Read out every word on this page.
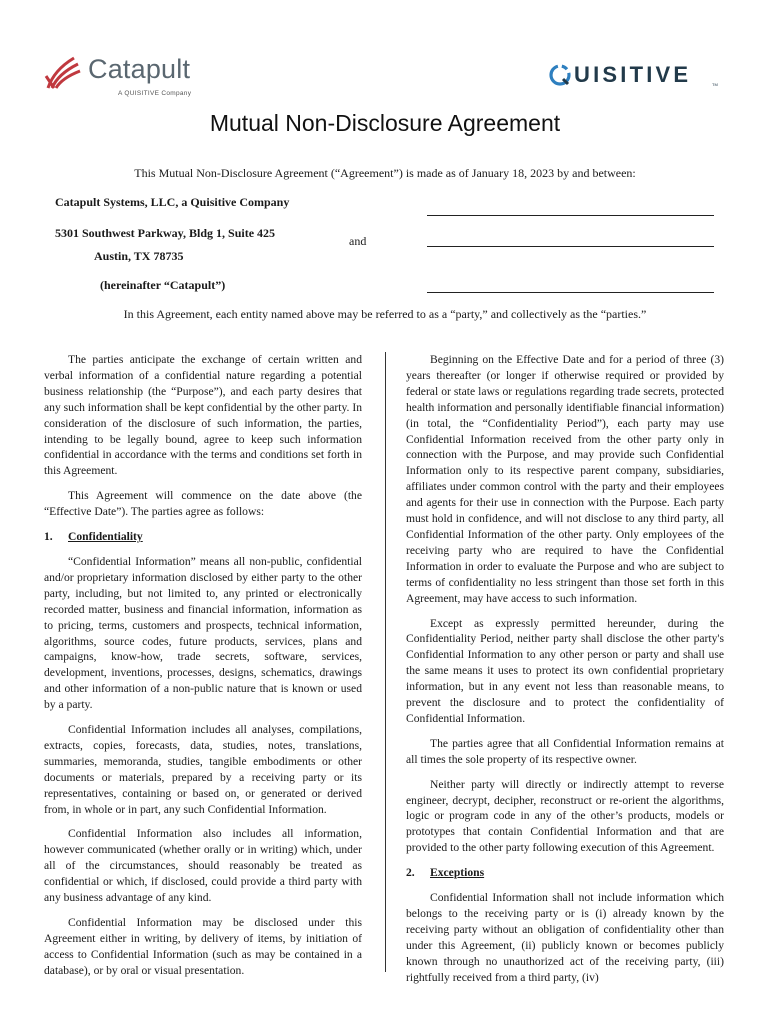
Catapult
A QUISITIVE Company
UISITIVE	TM
Mutual Non-Disclosure Agreement
This Mutual Non-Disclosure Agreement (“Agreement”) is made as of January 18, 2023 by and between:
Catapult Systems, LLC, a Quisitive Company
5301 Southwest Parkway, Bldg 1, Suite 425
Austin, TX 78735
(hereinafter “Catapult”)
and
In this Agreement, each entity named above may be referred to as a “party,” and collectively as the “parties.”

The parties anticipate the exchange of certain written and verbal information of a confidential nature regarding a potential business relationship (the “Purpose”), and each party desires that any such information shall be kept confidential by the other party. In consideration of the disclosure of such information, the parties, intending to be legally bound, agree to keep such information confidential in accordance with the terms and conditions set forth in this Agreement.

This Agreement will commence on the date above (the “Effective Date”). The parties agree as follows:

1. Confidentiality

“Confidential Information” means all non-public, confidential and/or proprietary information disclosed by either party to the other party, including, but not limited to, any printed or electronically recorded matter, business and financial information, information as to pricing, terms, customers and prospects, technical information, algorithms, source codes, future products, services, plans and campaigns, know-how, trade secrets, software, services, development, inventions, processes, designs, schematics, drawings and other information of a non-public nature that is known or used by a party.

Confidential Information includes all analyses, compilations, extracts, copies, forecasts, data, studies, notes, translations, summaries, memoranda, studies, tangible embodiments or other documents or materials, prepared by a receiving party or its representatives, containing or based on, or generated or derived from, in whole or in part, any such Confidential Information.

Confidential Information also includes all information, however communicated (whether orally or in writing) which, under all of the circumstances, should reasonably be treated as confidential or which, if disclosed, could provide a third party with any business advantage of any kind.

Confidential Information may be disclosed under this Agreement either in writing, by delivery of items, by initiation of access to Confidential Information (such as may be contained in a database), or by oral or visual presentation.

Beginning on the Effective Date and for a period of three (3) years thereafter (or longer if otherwise required or provided by federal or state laws or regulations regarding trade secrets, protected health information and personally identifiable financial information) (in total, the “Confidentiality Period”), each party may use Confidential Information received from the other party only in connection with the Purpose, and may provide such Confidential Information only to its respective parent company, subsidiaries, affiliates under common control with the party and their employees and agents for their use in connection with the Purpose. Each party must hold in confidence, and will not disclose to any third party, all Confidential Information of the other party. Only employees of the receiving party who are required to have the Confidential Information in order to evaluate the Purpose and who are subject to terms of confidentiality no less stringent than those set forth in this Agreement, may have access to such information.

Except as expressly permitted hereunder, during the Confidentiality Period, neither party shall disclose the other party's Confidential Information to any other person or party and shall use the same means it uses to protect its own confidential proprietary information, but in any event not less than reasonable means, to prevent the disclosure and to protect the confidentiality of Confidential Information.

The parties agree that all Confidential Information remains at all times the sole property of its respective owner.

Neither party will directly or indirectly attempt to reverse engineer, decrypt, decipher, reconstruct or re-orient the algorithms, logic or program code in any of the other’s products, models or prototypes that contain Confidential Information and that are provided to the other party following execution of this Agreement.

2. Exceptions

Confidential Information shall not include information which belongs to the receiving party or is (i) already known by the receiving party without an obligation of confidentiality other than under this Agreement, (ii) publicly known or becomes publicly known through no unauthorized act of the receiving party, (iii) rightfully received from a third party, (iv)
